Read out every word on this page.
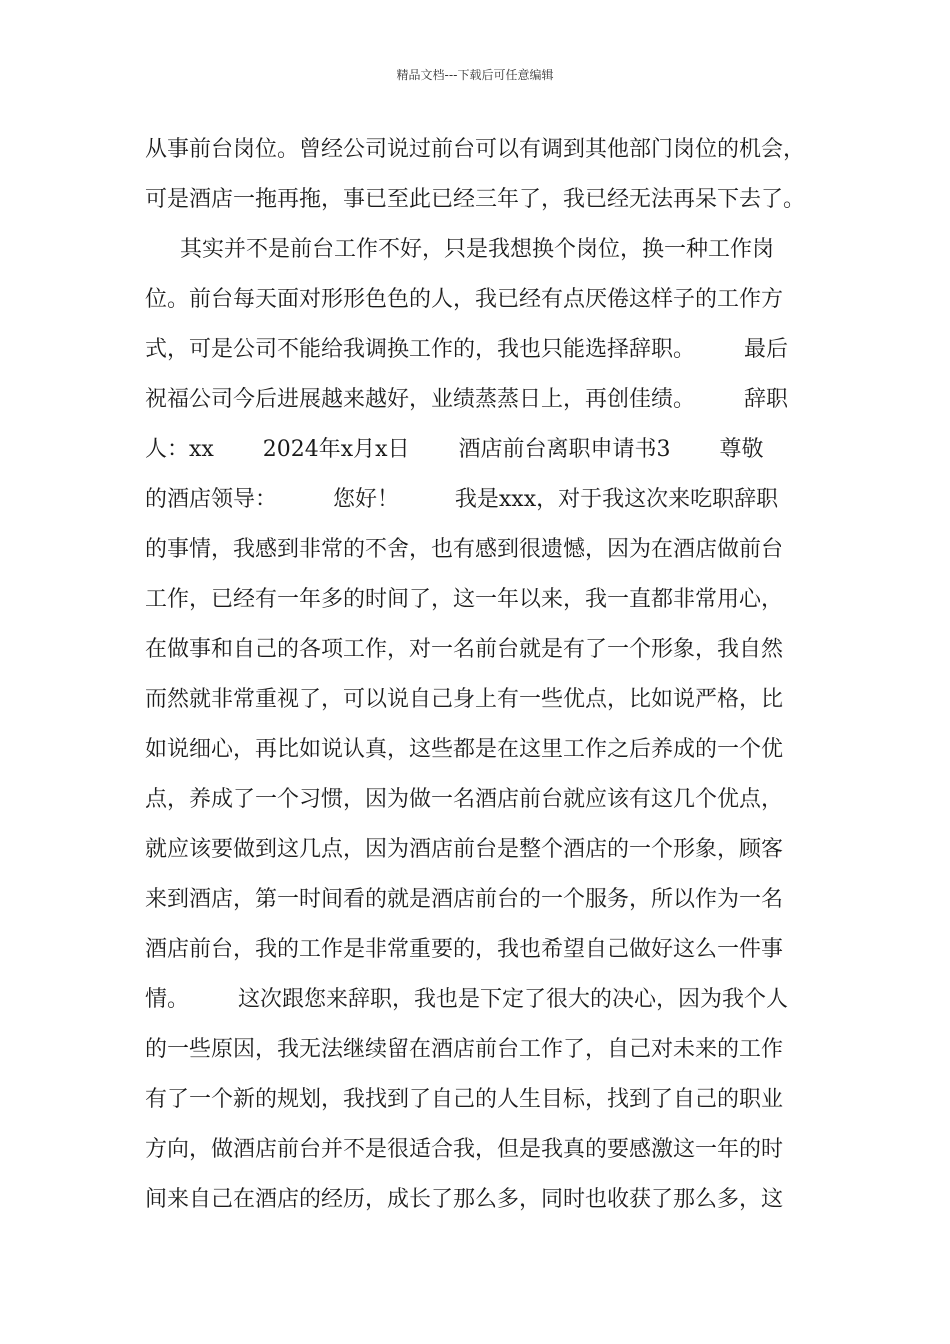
精品文档---下载后可任意编辑
从事前台岗位。曾经公司说过前台可以有调到其他部门岗位的机会，
可是酒店一拖再拖，事已至此已经三年了，我已经无法再呆下去了。
其实并不是前台工作不好，只是我想换个岗位，换一种工作岗
位。前台每天面对形形色色的人，我已经有点厌倦这样子的工作方
式，可是公司不能给我调换工作的，我也只能选择辞职。       最后
祝福公司今后进展越来越好，业绩蒸蒸日上，再创佳绩。       辞职
人：xx       2024年x月x日       酒店前台离职申请书3       尊敬
的酒店领导：        您好！        我是xxx，对于我这次来吃职辞职
的事情，我感到非常的不舍，也有感到很遗憾，因为在酒店做前台
工作，已经有一年多的时间了，这一年以来，我一直都非常用心，
在做事和自己的各项工作，对一名前台就是有了一个形象，我自然
而然就非常重视了，可以说自己身上有一些优点，比如说严格，比
如说细心，再比如说认真，这些都是在这里工作之后养成的一个优
点，养成了一个习惯，因为做一名酒店前台就应该有这几个优点，
就应该要做到这几点，因为酒店前台是整个酒店的一个形象，顾客
来到酒店，第一时间看的就是酒店前台的一个服务，所以作为一名
酒店前台，我的工作是非常重要的，我也希望自己做好这么一件事
情。       这次跟您来辞职，我也是下定了很大的决心，因为我个人
的一些原因，我无法继续留在酒店前台工作了，自己对未来的工作
有了一个新的规划，我找到了自己的人生目标，找到了自己的职业
方向，做酒店前台并不是很适合我，但是我真的要感激这一年的时
间来自己在酒店的经历，成长了那么多，同时也收获了那么多，这
